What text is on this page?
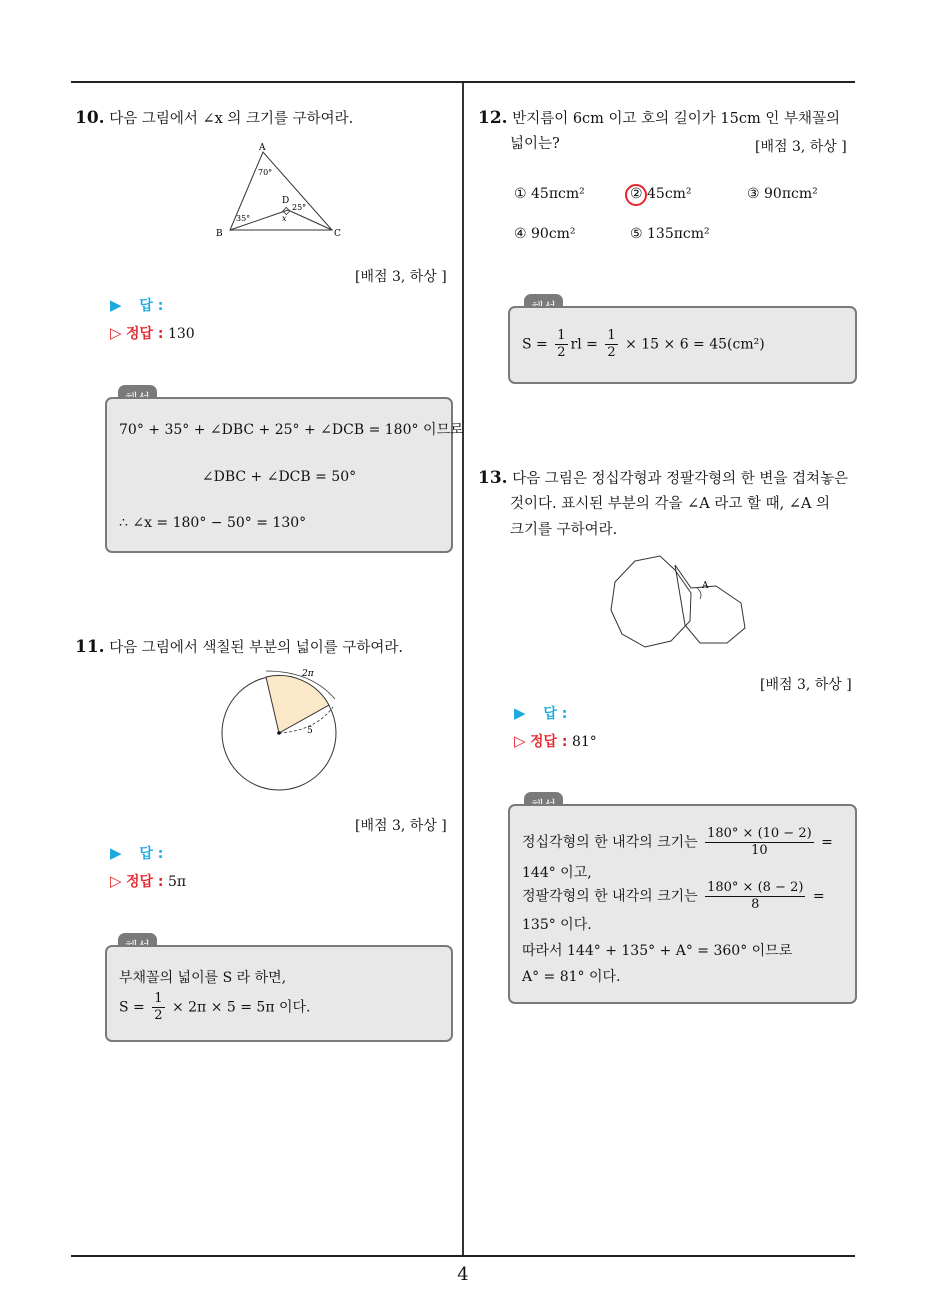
4
10. 다음 그림에서 ∠x 의 크기를 구하여라.
A
B	C
D
70°
35°
25°
x
[배점 3, 하상 ]
▶ 답 :
▷ 정답 : 130
70° + 35° + ∠DBC + 25° + ∠DCB = 180° 이므로
∠DBC + ∠DCB = 50°
∴ ∠x = 180° − 50° = 130°
11. 다음 그림에서 색칠된 부분의 넓이를 구하여라.
2π
5
[배점 3, 하상 ]
▶ 답 :
▷ 정답 : 5π
부채꼴의 넓이를 S 라 하면,
$S = \frac{1}{2} \times 2\pi \times 5 = 5\pi$ 이다.
12. 반지름이 6cm 이고 호의 길이가 15cm 인 부채꼴의
넓이는?	[배점 3, 하상 ]
① 45πcm²	② 45cm²	③ 90πcm²
④ 90cm²	⑤ 135πcm²
$S = \frac{1}{2}$ rl = $\frac{1}{2} \times 15 \times 6 = 45(cm^2)$
13. 다음 그림은 정십각형과 정팔각형의 한 변을 겹쳐놓은
것이다. 표시된 부분의 각을 ∠A 라고 할 때, ∠A 의
크기를 구하여라.
A
[배점 3, 하상 ]
▶ 답 :
▷ 정답 : 81°
정십각형의 한 내각의 크기는 $\frac{180^\circ \times (10 - 2)}{10}$ =
144° 이고,
정팔각형의 한 내각의 크기는 $\frac{180^\circ \times (8 - 2)}{8}$ =
135° 이다.
따라서 144° + 135° + A° = 360° 이므로
A° = 81° 이다.
